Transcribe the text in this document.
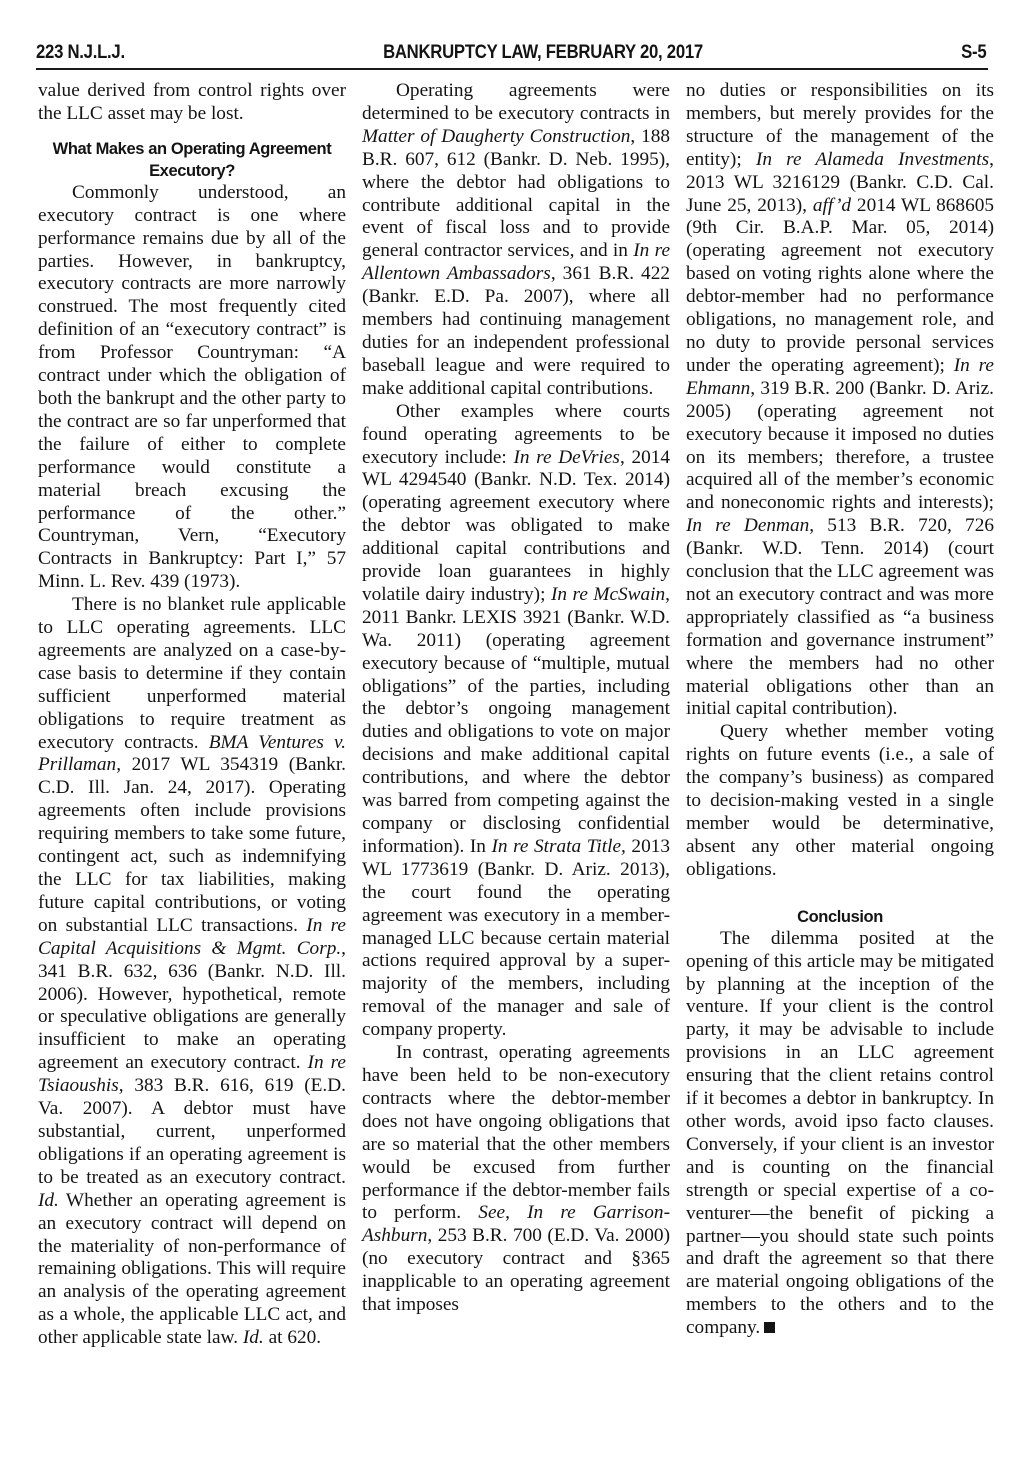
223 N.J.L.J.	BANKRUPTCY LAW, FEBRUARY 20, 2017	S-5

value derived from control rights over the LLC asset may be lost.

What Makes an Operating Agreement Executory?

Commonly understood, an executory contract is one where performance remains due by all of the parties. However, in bankruptcy, executory contracts are more narrowly construed. The most frequently cited definition of an “executory contract” is from Professor Countryman: “A contract under which the obligation of both the bankrupt and the other party to the contract are so far unperformed that the failure of either to complete performance would constitute a material breach excusing the performance of the other.” Countryman, Vern, “Executory Contracts in Bankruptcy: Part I,” 57 Minn. L. Rev. 439 (1973).

There is no blanket rule applicable to LLC operating agreements. LLC agreements are analyzed on a case-by-case basis to determine if they contain sufficient unperformed material obligations to require treatment as executory contracts. BMA Ventures v. Prillaman, 2017 WL 354319 (Bankr. C.D. Ill. Jan. 24, 2017). Operating agreements often include provisions requiring members to take some future, contingent act, such as indemnifying the LLC for tax liabilities, making future capital contributions, or voting on substantial LLC transactions. In re Capital Acquisitions & Mgmt. Corp., 341 B.R. 632, 636 (Bankr. N.D. Ill. 2006). However, hypothetical, remote or speculative obligations are generally insufficient to make an operating agreement an executory contract. In re Tsiaoushis, 383 B.R. 616, 619 (E.D. Va. 2007). A debtor must have substantial, current, unperformed obligations if an operating agreement is to be treated as an executory contract. Id. Whether an operating agreement is an executory contract will depend on the materiality of non-performance of remaining obligations. This will require an analysis of the operating agreement as a whole, the applicable LLC act, and other applicable state law. Id. at 620.

Operating agreements were determined to be executory contracts in Matter of Daugherty Construction, 188 B.R. 607, 612 (Bankr. D. Neb. 1995), where the debtor had obligations to contribute additional capital in the event of fiscal loss and to provide general contractor services, and in In re Allentown Ambassadors, 361 B.R. 422 (Bankr. E.D. Pa. 2007), where all members had continuing management duties for an independent professional baseball league and were required to make additional capital contributions.

Other examples where courts found operating agreements to be executory include: In re DeVries, 2014 WL 4294540 (Bankr. N.D. Tex. 2014) (operating agreement executory where the debtor was obligated to make additional capital contributions and provide loan guarantees in highly volatile dairy industry); In re McSwain, 2011 Bankr. LEXIS 3921 (Bankr. W.D. Wa. 2011) (operating agreement executory because of “multiple, mutual obligations” of the parties, including the debtor’s ongoing management duties and obligations to vote on major decisions and make additional capital contributions, and where the debtor was barred from competing against the company or disclosing confidential information). In In re Strata Title, 2013 WL 1773619 (Bankr. D. Ariz. 2013), the court found the operating agreement was executory in a member-managed LLC because certain material actions required approval by a super-majority of the members, including removal of the manager and sale of company property.

In contrast, operating agreements have been held to be non-executory contracts where the debtor-member does not have ongoing obligations that are so material that the other members would be excused from further performance if the debtor-member fails to perform. See, In re Garrison-Ashburn, 253 B.R. 700 (E.D. Va. 2000) (no executory contract and §365 inapplicable to an operating agreement that imposes

no duties or responsibilities on its members, but merely provides for the structure of the management of the entity); In re Alameda Investments, 2013 WL 3216129 (Bankr. C.D. Cal. June 25, 2013), aff’d 2014 WL 868605 (9th Cir. B.A.P. Mar. 05, 2014) (operating agreement not executory based on voting rights alone where the debtor-member had no performance obligations, no management role, and no duty to provide personal services under the operating agreement); In re Ehmann, 319 B.R. 200 (Bankr. D. Ariz. 2005) (operating agreement not executory because it imposed no duties on its members; therefore, a trustee acquired all of the member’s economic and noneconomic rights and interests); In re Denman, 513 B.R. 720, 726 (Bankr. W.D. Tenn. 2014) (court conclusion that the LLC agreement was not an executory contract and was more appropriately classified as “a business formation and governance instrument” where the members had no other material obligations other than an initial capital contribution).

Query whether member voting rights on future events (i.e., a sale of the company’s business) as compared to decision-making vested in a single member would be determinative, absent any other material ongoing obligations.

Conclusion

The dilemma posited at the opening of this article may be mitigated by planning at the inception of the venture. If your client is the control party, it may be advisable to include provisions in an LLC agreement ensuring that the client retains control if it becomes a debtor in bankruptcy. In other words, avoid ipso facto clauses. Conversely, if your client is an investor and is counting on the financial strength or special expertise of a co-venturer—the benefit of picking a partner—you should state such points and draft the agreement so that there are material ongoing obligations of the members to the others and to the company.
